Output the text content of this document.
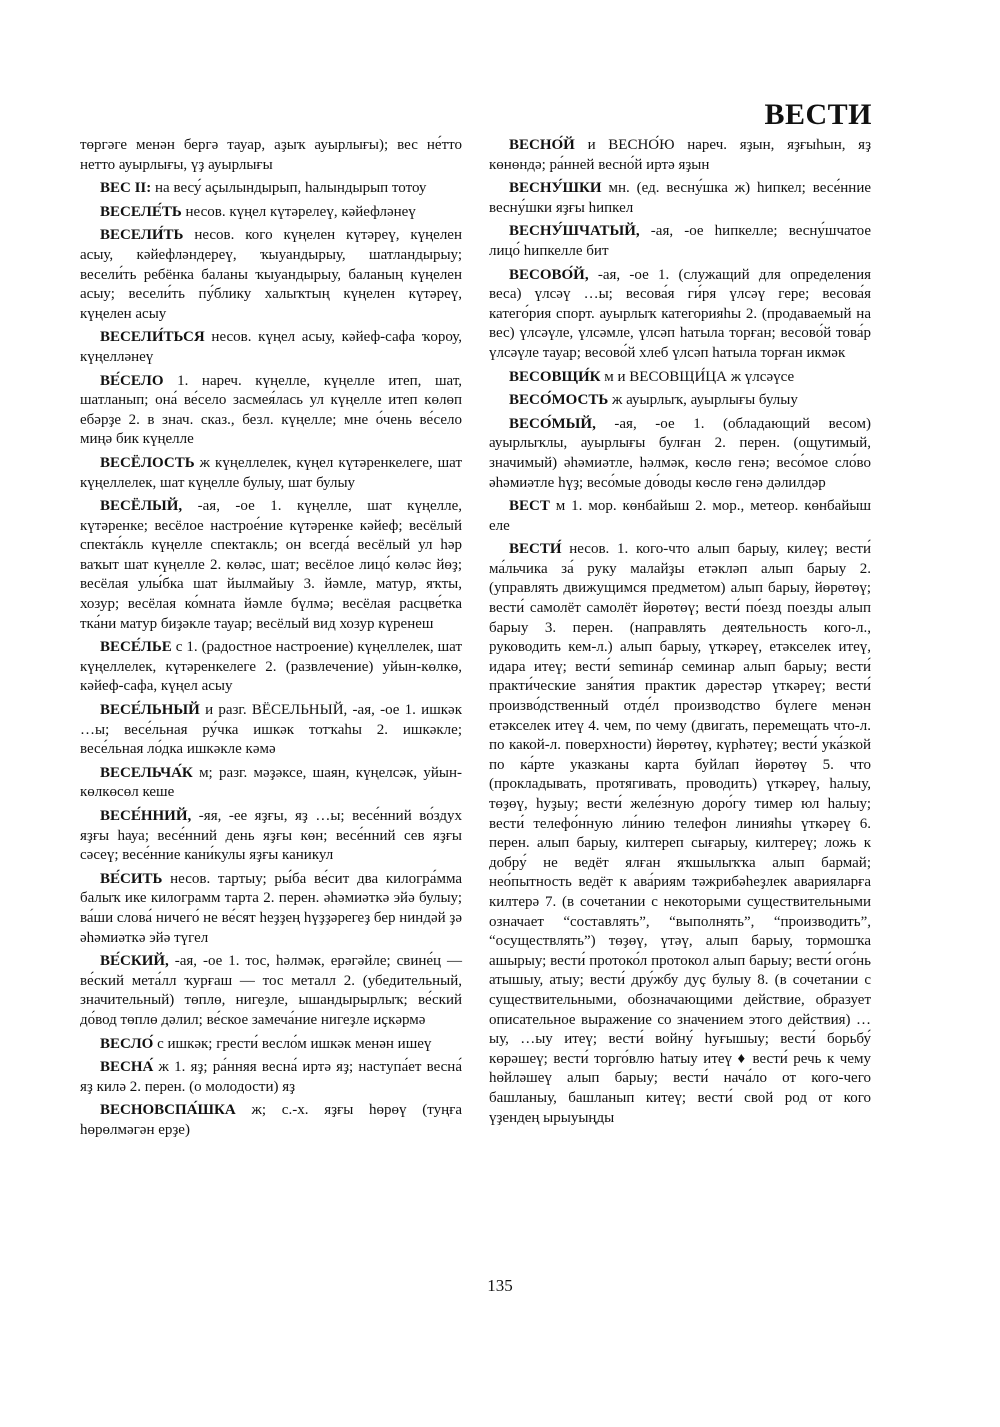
ВЕСТИ

төргәге менән бергә тауар, аҙыҡ ауырлығы); вес не́тто нетто ауырлығы, үҙ ауырлығы

ВЕС II: на весу́ аҫылындырып, һалындырып тотоу

ВЕСЕЛЕ́ТЬ несов. күңел күтәрелеү, кәйефләнеү

ВЕСЕЛИ́ТЬ несов. кого күңелен күтәреү, күңелен асыу, кәйефләндереү, ҡыуандырыу, шатландырыу; весели́ть ребёнка баланы ҡыуандырыу, баланың күңелен асыу; весели́ть пу́блику халыҡтың күңелен күтәреү, күңелен асыу

ВЕСЕЛИ́ТЬСЯ несов. күңел асыу, кәйеф-сафа ҡороу, күңелләнеү

ВЕ́СЕЛО 1. нареч. күңелле, күңелле итеп, шат, шатланып; она́ ве́село засмея́лась ул күңелле итеп көлөп ебәрҙе 2. в знач. сказ., безл. күңелле; мне о́чень ве́село миңә бик күңелле

ВЕСЁЛОСТЬ ж күңеллелек, күңел күтәренкелеге, шат күңеллелек, шат күңелле булыу, шат булыу

ВЕСЁЛЫЙ, -ая, -ое 1. күңелле, шат күңелле, күтәренке; весёлое настрое́ние күтәренке кәйеф; весёлый спекта́кль күңелле спектакль; он всегда́ весёлый ул һәр ваҡыт шат күңелле 2. көләс, шат; весёлое лицо́ көләс йөҙ; весёлая улы́бка шат йылмайыу 3. йәмле, матур, яҡты, хозур; весёлая ко́мната йәмле бүлмә; весёлая расцве́тка тка́ни матур биҙәкле тауар; весёлый вид хозур күренеш

ВЕСЕ́ЛЬЕ с 1. (радостное настроение) күңеллелек, шат күңеллелек, күтәренкелеге 2. (развлечение) уйын-көлкө, кәйеф-сафа, күңел асыу

ВЕСЕ́ЛЬНЫЙ и разг. ВЁСЕЛЬНЫЙ, -ая, -ое 1. ишкәк …ы; весе́льная ру́чка ишкәк тотҡаһы 2. ишкәкле; весе́льная ло́дка ишкәкле кәмә

ВЕСЕЛЬЧА́К м; разг. мәҙәксе, шаян, күңелсәк, уйын-көлкөсөл кеше

ВЕСЕ́ННИЙ, -яя, -ее яҙғы, яҙ …ы; весе́нний во́здух яҙғы һауа; весе́нний день яҙғы көн; весе́нний сев яҙғы сәсеү; весе́нние кани́кулы яҙғы каникул

ВЕ́СИТЬ несов. тартыу; ры́ба ве́сит два килогра́мма балыҡ ике килограмм тарта 2. перен. әһәмиәткә эйә булыу; ва́ши слова́ ничего́ не ве́сят һеҙҙең һүҙҙәрегеҙ бер ниндәй ҙә әһәмиәткә эйә түгел

ВЕ́СКИЙ, -ая, -ое 1. тос, һәлмәк, ерәгәйле; свине́ц — ве́ский мета́лл ҡурғаш — тос металл 2. (убедительный, значительный) төплө, нигеҙле, ышандырырлыҡ; ве́ский до́вод төплө дәлил; ве́ское замеча́ние нигеҙле иҫкәрмә

ВЕСЛО́ с ишкәк; грести́ весло́м ишкәк менән ишеү

ВЕСНА́ ж 1. яҙ; ра́нняя весна́ иртә яҙ; наступа́ет весна́ яҙ килә 2. перен. (о молодости) яҙ

ВЕСНОВСПА́ШКА ж; с.-х. яҙғы һөрөү (туңға һөрөлмәгән ерҙе)

ВЕСНО́Й и ВЕСНО́Ю нареч. яҙын, яҙғыһын, яҙ көнөндә; ра́нней весно́й иртә яҙын

ВЕСНУ́ШКИ мн. (ед. весну́шка ж) һипкел; весе́нние весну́шки яҙғы һипкел

ВЕСНУ́ШЧАТЫЙ, -ая, -ое һипкелле; весну́шчатое лицо́ һипкелле бит

ВЕСОВО́Й, -ая, -ое 1. (служащий для определения веса) үлсәү …ы; весова́я ги́ря үлсәү гере; весова́я катего́рия спорт. ауырлыҡ категорияһы 2. (продаваемый на вес) үлсәүле, үлсәмле, үлсәп һатыла торған; весово́й това́р үлсәүле тауар; весово́й хлеб үлсәп һатыла торған икмәк

ВЕСОВЩИ́К м и ВЕСОВЩИ́ЦА ж үлсәүсе

ВЕСО́МОСТЬ ж ауырлыҡ, ауырлығы булыу

ВЕСО́МЫЙ, -ая, -ое 1. (обладающий весом) ауырлыҡлы, ауырлығы булған 2. перен. (ощутимый, значимый) әһәмиәтле, һәлмәк, көслө генә; весо́мое сло́во әһәмиәтле һүҙ; весо́мые до́воды көслө генә дәлилдәр

ВЕСТ м 1. мор. көнбайыш 2. мор., метеор. көнбайыш еле

ВЕСТИ́ несов. 1. кого-что алып барыу, килеү; вести́ ма́льчика за́ руку малайҙы етәкләп алып барыу 2. (управлять движущимся предметом) алып барыу, йөрөтөү; вести́ самолёт самолёт йөрөтөү; вести́ по́езд поезды алып барыу 3. перен. (направлять деятельность кого-л., руководить кем-л.) алып барыу, үткәреү, етәкселек итеү, идара итеү; вести́ semина́р семинар алып барыу; вести́ практи́ческие заня́тия практик дәрестәр үткәреү; вести́ произво́дственный отде́л производство бүлеге менән етәкселек итеү 4. чем, по чему (двигать, перемещать что-л. по какой-л. поверхности) йөрөтөү, күрһәтеү; вести́ ука́зкой по ка́рте указканы карта буйлап йөрөтөү 5. что (прокладывать, протягивать, проводить) үткәреү, һалыу, төҙөү, һуҙыу; вести́ желе́зную доро́гу тимер юл һалыу; вести́ телефо́нную ли́нию телефон линияһы үткәреү 6. перен. алып барыу, килтереп сығарыу, килтереү; ложь к добру́ не ведёт ялған яҡшылыҡҡа алып бармай; нео́пытность ведёт к ава́риям тәжрибәһеҙлек аварияларға килтерә 7. (в сочетании с некоторыми существительными означает “составлять”, “выполнять”, “производить”, “осуществлять”) төҙөү, үтәү, алып барыу, тормошҡа ашырыу; вести́ протоко́л протокол алып барыу; вести́ ого́нь атышыу, атыу; вести́ дру́жбу дуҫ булыу 8. (в сочетании с существительными, обозначающими действие, образует описательное выражение со значением этого действия) …ыу, …ыу итеү; вести́ войну́ һуғышыу; вести́ борьбу́ көрәшеү; вести́ торго́влю һатыу итеү ♦ вести́ речь к чему һөйләшеү алып барыу; вести́ нача́ло от кого-чего башланыу, башланып китеү; вести́ свой род от кого үҙендең ырыуыңды

135
